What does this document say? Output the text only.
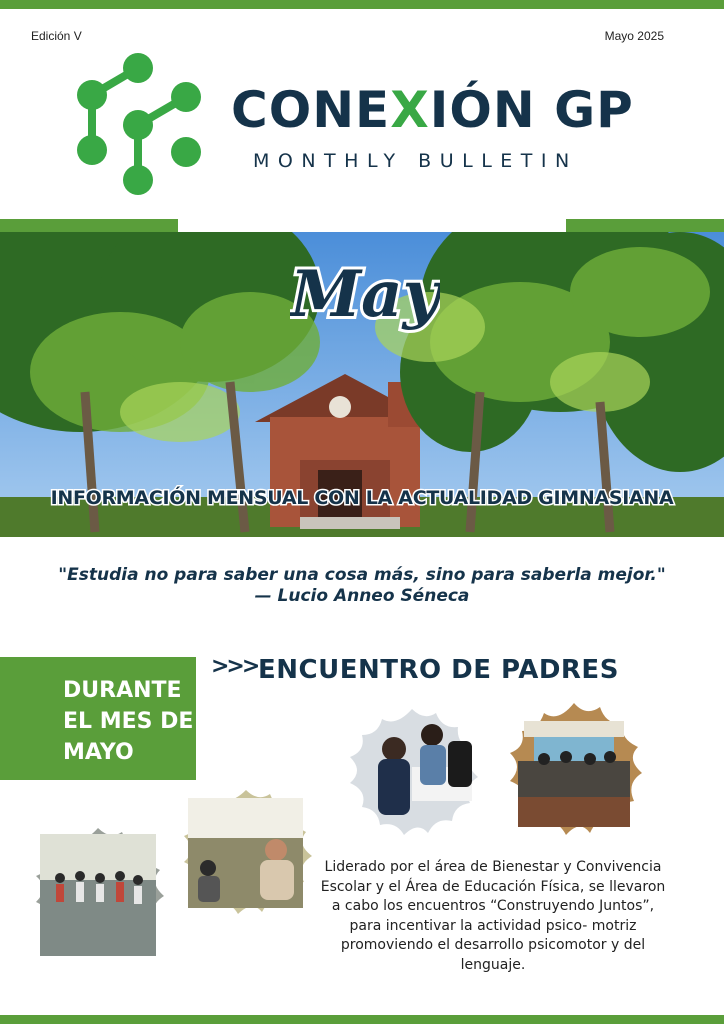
Edición V	Mayo 2025
CONEXIÓN GP
MONTHLY BULLETIN
May
INFORMACIÓN MENSUAL CON LA ACTUALIDAD GIMNASIANA
"Estudia no para saber una cosa más, sino para saberla mejor."
— Lucio Anneo Séneca
DURANTE
EL MES DE
MAYO
>>> ENCUENTRO DE PADRES
Liderado por el área de Bienestar y Convivencia Escolar y el Área de Educación Física, se llevaron a cabo los encuentros “Construyendo Juntos”, para incentivar la actividad psico- motriz promoviendo el desarrollo psicomotor y del lenguaje.
